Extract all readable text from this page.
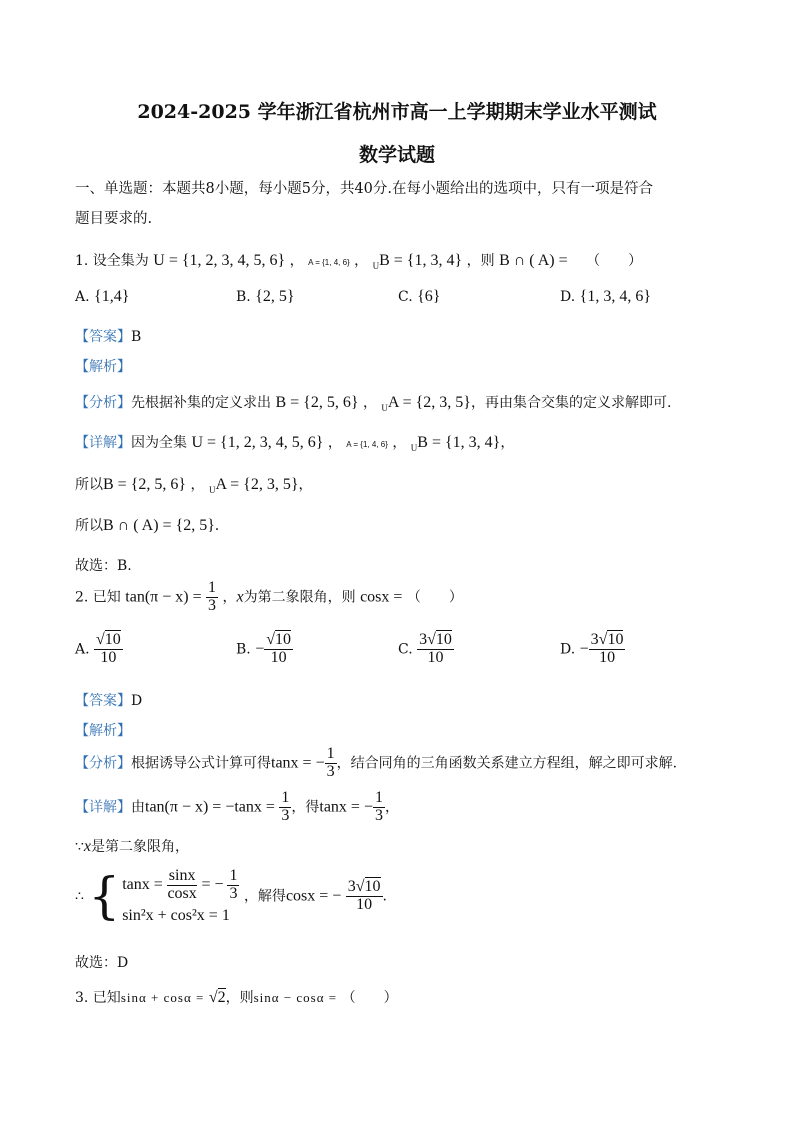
2024-2025 学年浙江省杭州市高一上学期期末学业水平测试
数学试题
一、单选题：本题共8小题，每小题5分，共40分.在每小题给出的选项中，只有一项是符合
题目要求的.
1. 设全集为 U = {1, 2, 3, 4, 5, 6} ， A = {1, 4, 6} ， $_U$B = {1, 3, 4} ，则 B ∩ ( A) = （　　）
A. {1,4}	B. {2, 5}	C. {6}	D. {1, 3, 4, 6}
【答案】B
【解析】
【分析】先根据补集的定义求出 B = {2, 5, 6} ， $_U$A = {2, 3, 5}，再由集合交集的定义求解即可.
【详解】因为全集 U = {1, 2, 3, 4, 5, 6} ， A = {1, 4, 6} ， $_U$B = {1, 3, 4}，
所以B = {2, 5, 6} ， $_U$A = {2, 3, 5}，
所以B ∩ ( A) = {2, 5}.
故选：B.
2. 已知 $\tan(\pi - x) = \frac{1}{3}$ ，x为第二象限角，则 cosx = （　　）
A. $\frac{√10}{10}$	B. − $\frac{√10}{10}$	C. $\frac{3√10}{10}$	D. − $\frac{3√10}{10}$
【答案】D
【解析】
【分析】根据诱导公式计算可得tanx = − $\frac{1}{3}$ ，结合同角的三角函数关系建立方程组，解之即可求解.
【详解】由$\tan(\pi - x) = -\tan x = \frac{1}{3}$ ，得tanx = − $\frac{1}{3}$ ，
∵x是第二象限角，
∴ { $\tan x = \frac{\sin x}{\cos x}$ = − $\frac{1}{3}$
sin²x + cos²x = 1
，解得cosx = − $\frac{3√10}{10}$ .
故选：D
3. 已知sinα + cosα = √2，则sinα − cosα = （　　）
